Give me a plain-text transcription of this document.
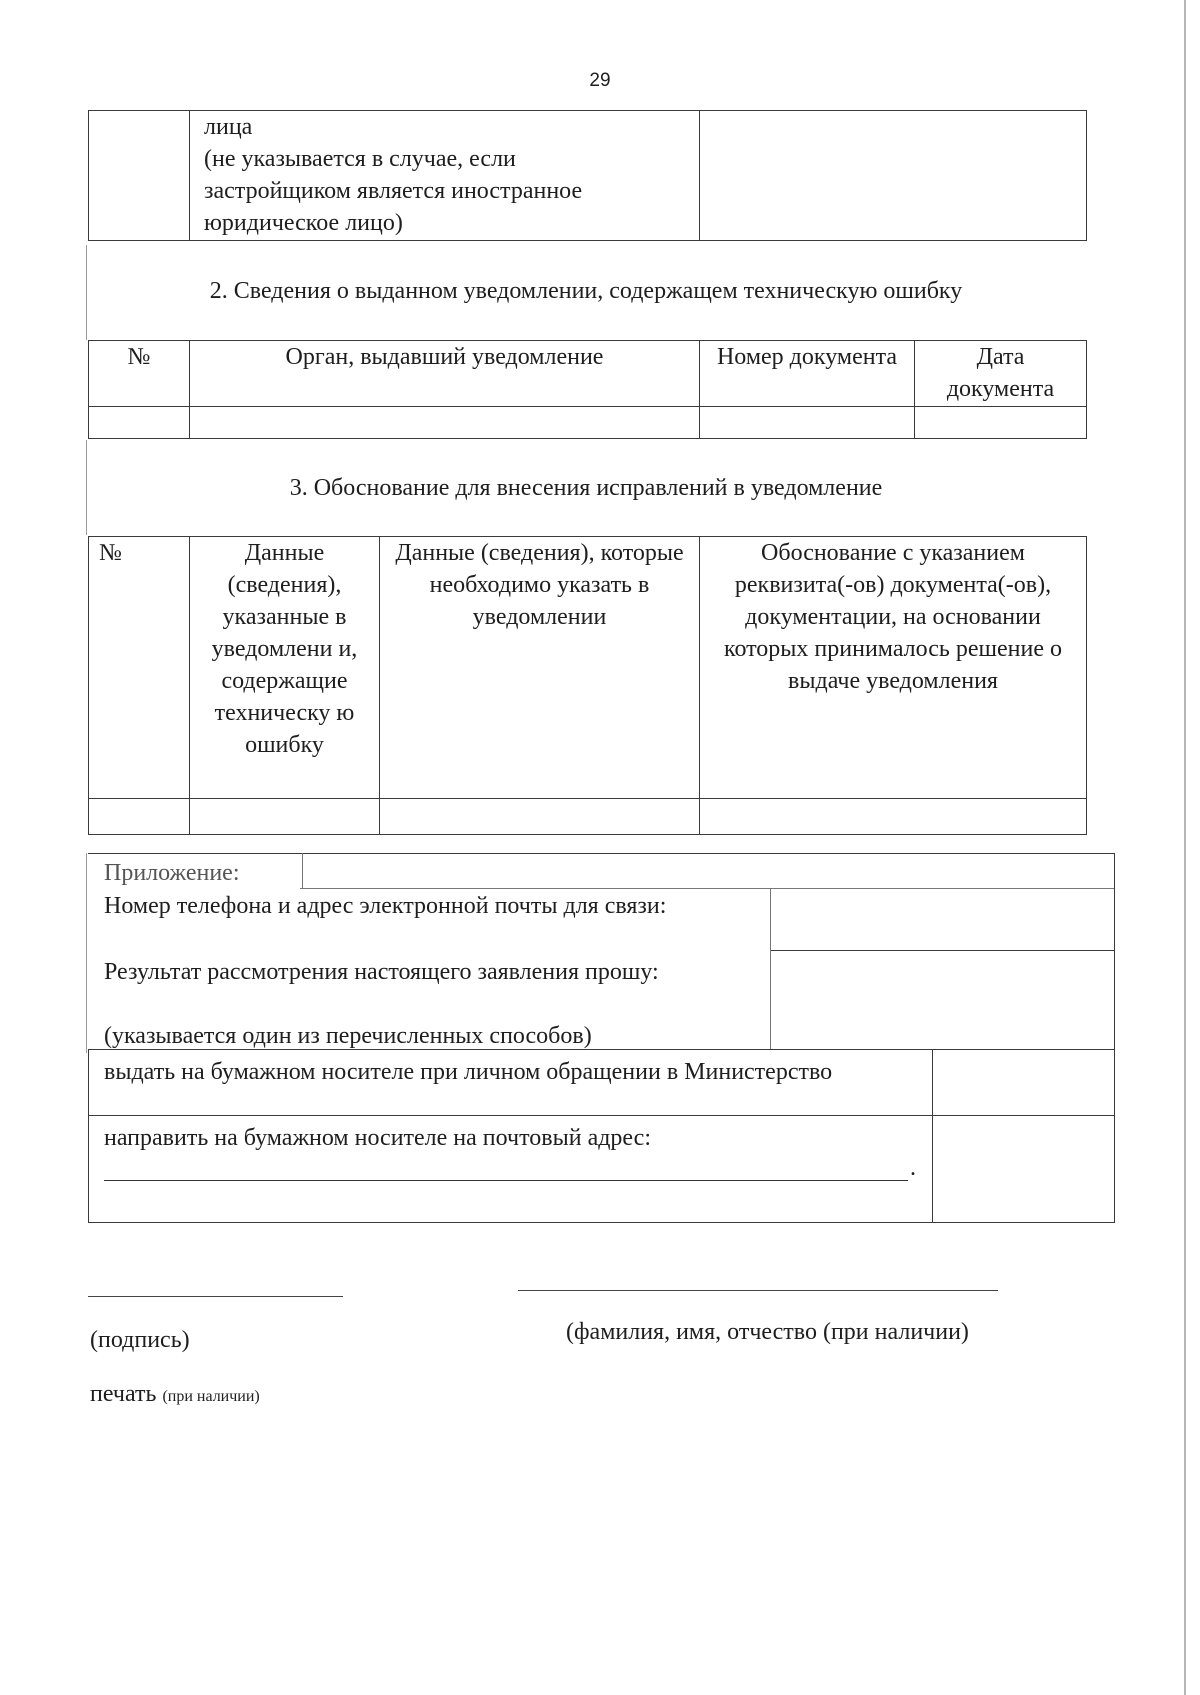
29

лица
(не указывается в случае, если
застройщиком является иностранное
юридическое лицо)

2. Сведения о выданном уведомлении, содержащем техническую ошибку
№	Орган, выдавший уведомление	Номер документа	Дата документа

3. Обоснование для внесения исправлений в уведомление
№	Данные (сведения), указанные в уведомлени и, содержащие техническу ю ошибку	Данные (сведения), которые необходимо указать в уведомлении	Обоснование с указанием реквизита(-ов) документа(-ов), документации, на основании которых принималось решение о выдаче уведомления

Приложение:
Номер телефона и адрес электронной почты для связи:
Результат рассмотрения настоящего заявления прошу:
(указывается один из перечисленных способов)
выдать на бумажном носителе при личном обращении в Министерство
направить на бумажном носителе на почтовый адрес:
.
(подпись)	(фамилия, имя, отчество (при наличии)
печать (при наличии)
